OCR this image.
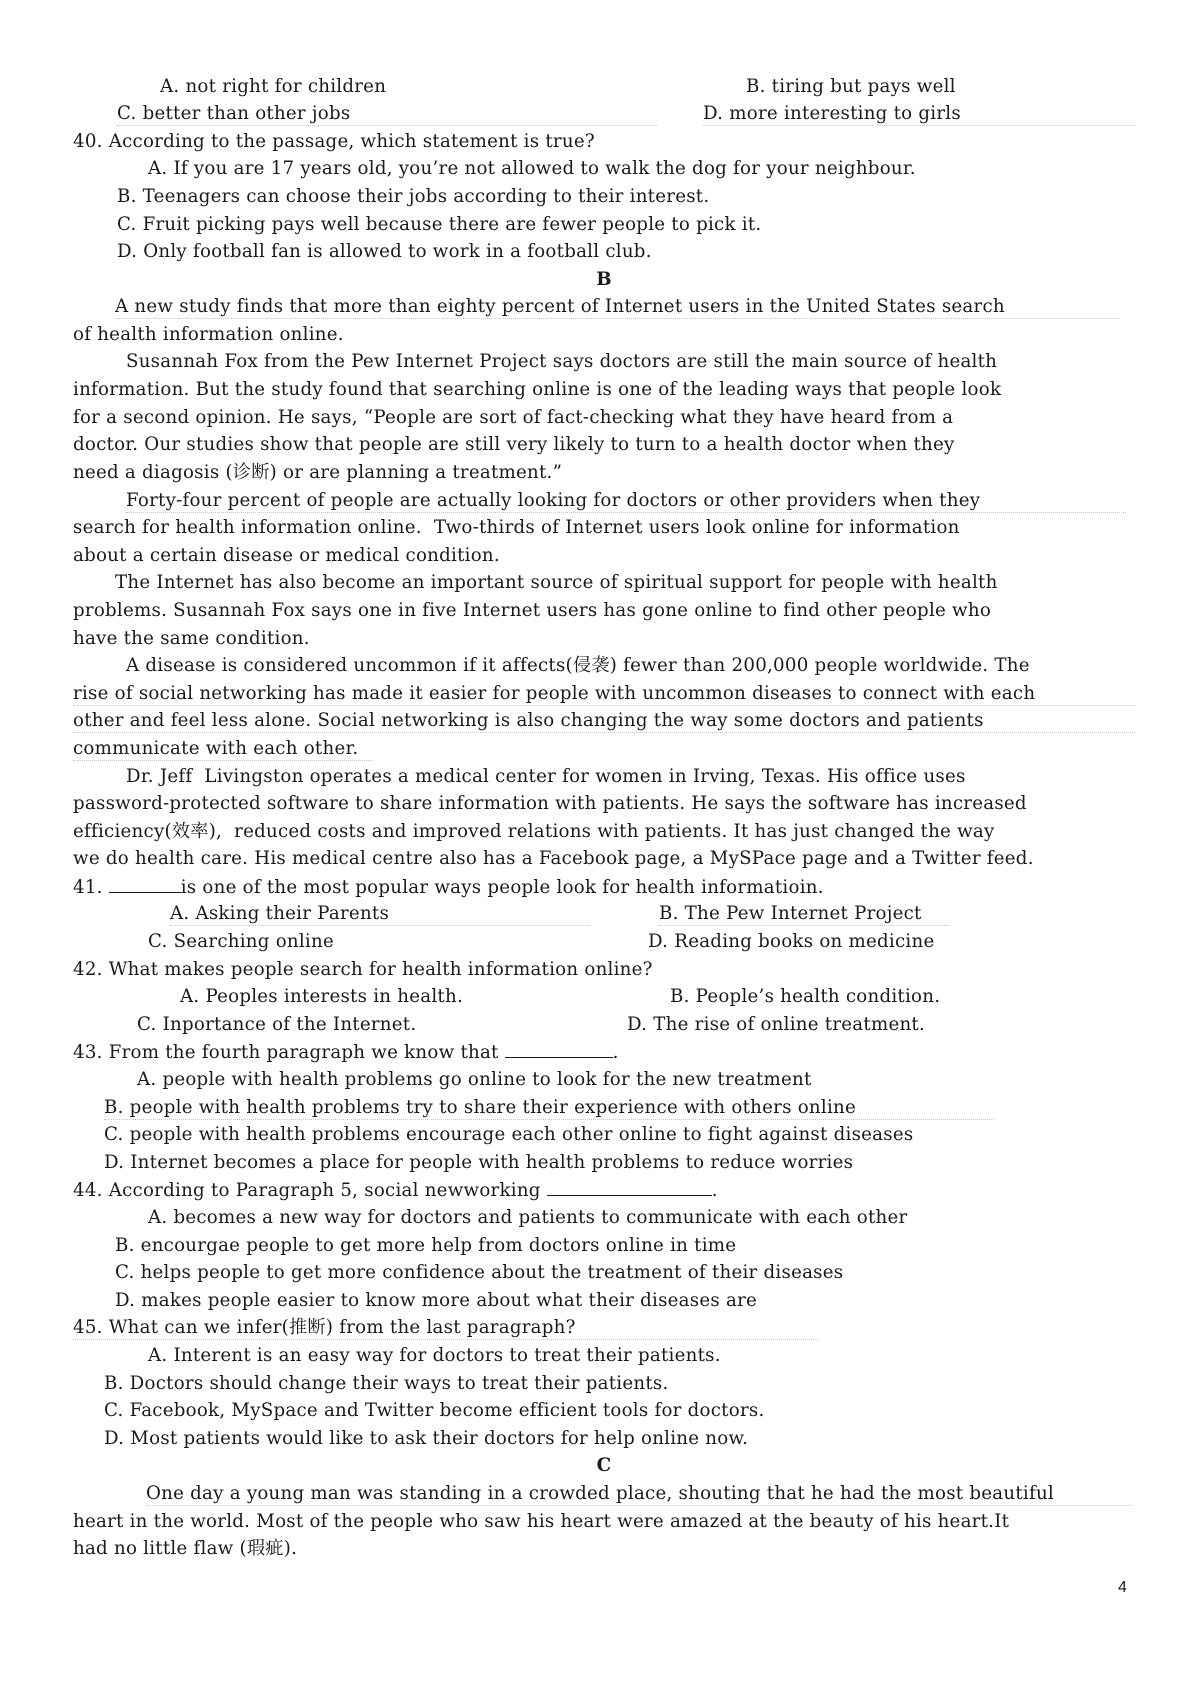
A. not right for children	B. tiring but pays well
C. better than other jobs	D. more interesting to girls
40. According to the passage, which statement is true?
A. If you are 17 years old, you’re not allowed to walk the dog for your neighbour.
B. Teenagers can choose their jobs according to their interest.
C. Fruit picking pays well because there are fewer people to pick it.
D. Only football fan is allowed to work in a football club.
B
A new study finds that more than eighty percent of Internet users in the United States search
of health information online.
Susannah Fox from the Pew Internet Project says doctors are still the main source of health
information. But the study found that searching online is one of the leading ways that people look
for a second opinion. He says, “People are sort of fact-checking what they have heard from a
doctor. Our studies show that people are still very likely to turn to a health doctor when they
need a diagosis (诊断) or are planning a treatment.”
Forty-four percent of people are actually looking for doctors or other providers when they
search for health information online.  Two-thirds of Internet users look online for information
about a certain disease or medical condition.
The Internet has also become an important source of spiritual support for people with health
problems. Susannah Fox says one in five Internet users has gone online to find other people who
have the same condition.
A disease is considered uncommon if it affects(侵袭) fewer than 200,000 people worldwide. The
rise of social networking has made it easier for people with uncommon diseases to connect with each
other and feel less alone. Social networking is also changing the way some doctors and patients
communicate with each other.
Dr. Jeff  Livingston operates a medical center for women in Irving, Texas. His office uses
password-protected software to share information with patients. He says the software has increased
efficiency(效率),  reduced costs and improved relations with patients. It has just changed the way
we do health care. His medical centre also has a Facebook page, a MySPace page and a Twitter feed.
41.	is one of the most popular ways people look for health informatioin.
A. Asking their Parents	B. The Pew Internet Project
C. Searching online	D. Reading books on medicine
42. What makes people search for health information online?
A. Peoples interests in health.	B. People’s health condition.
C. Inportance of the Internet.	D. The rise of online treatment.
43. From the fourth paragraph we know that	.
A. people with health problems go online to look for the new treatment
B. people with health problems try to share their experience with others online
C. people with health problems encourage each other online to fight against diseases
D. Internet becomes a place for people with health problems to reduce worries
44. According to Paragraph 5, social newworking	.
A. becomes a new way for doctors and patients to communicate with each other
B. encourgae people to get more help from doctors online in time
C. helps people to get more confidence about the treatment of their diseases
D. makes people easier to know more about what their diseases are
45. What can we infer(推断) from the last paragraph?
A. Interent is an easy way for doctors to treat their patients.
B. Doctors should change their ways to treat their patients.
C. Facebook, MySpace and Twitter become efficient tools for doctors.
D. Most patients would like to ask their doctors for help online now.
C
One day a young man was standing in a crowded place, shouting that he had the most beautiful
heart in the world. Most of the people who saw his heart were amazed at the beauty of his heart.It
had no little flaw (瑕疵).
4
